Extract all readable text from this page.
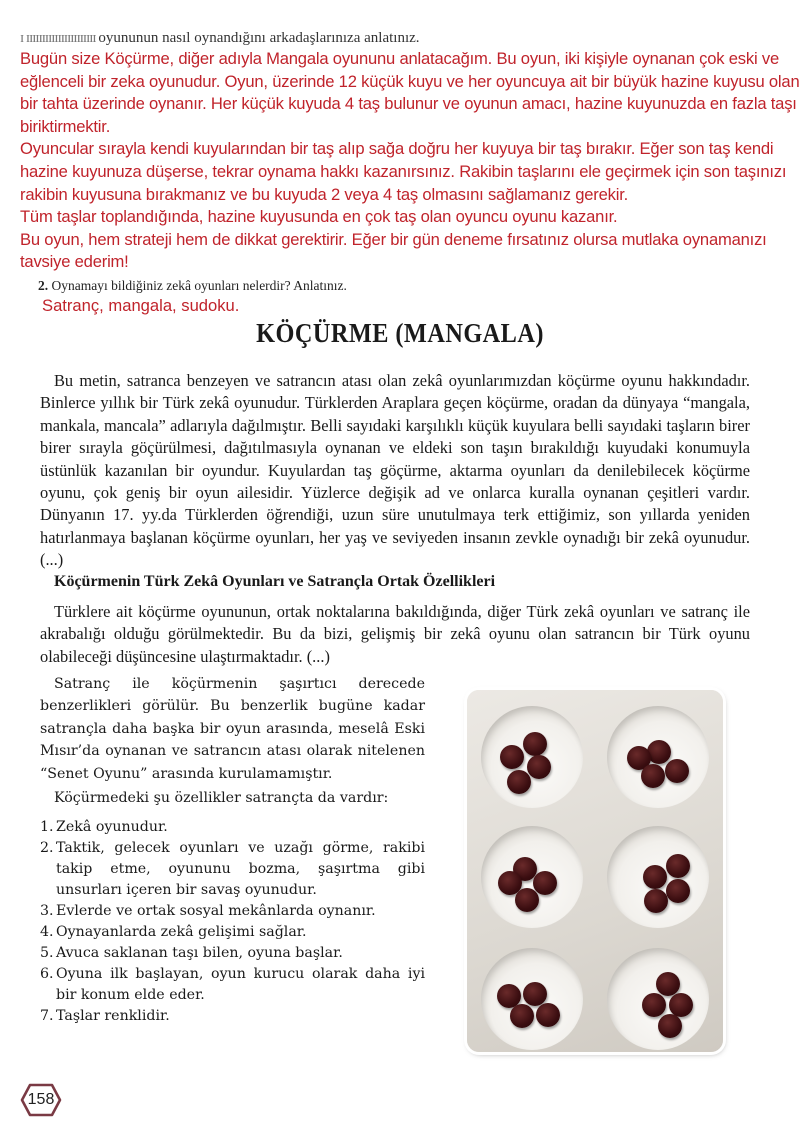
ɪ ɪɪɪɪɪɪɪɪɪɪɪɪɪɪɪɪɪɪɪɪɪɪ oyununun nasıl oynandığını arkadaşlarınıza anlatınız.

Bugün size Köçürme, diğer adıyla Mangala oyununu anlatacağım. Bu oyun, iki kişiyle oynanan çok eski ve eğlenceli bir zeka oyunudur. Oyun, üzerinde 12 küçük kuyu ve her oyuncuya ait bir büyük hazine kuyusu olan bir tahta üzerinde oynanır. Her küçük kuyuda 4 taş bulunur ve oyunun amacı, hazine kuyunuzda en fazla taşı biriktirmektir.

Oyuncular sırayla kendi kuyularından bir taş alıp sağa doğru her kuyuya bir taş bırakır. Eğer son taş kendi hazine kuyunuza düşerse, tekrar oynama hakkı kazanırsınız. Rakibin taşlarını ele geçirmek için son taşınızı rakibin kuyusuna bırakmanız ve bu kuyuda 2 veya 4 taş olmasını sağlamanız gerekir.

Tüm taşlar toplandığında, hazine kuyusunda en çok taş olan oyuncu oyunu kazanır.

Bu oyun, hem strateji hem de dikkat gerektirir. Eğer bir gün deneme fırsatınız olursa mutlaka oynamanızı tavsiye ederim!

2. Oynamayı bildiğiniz zekâ oyunları nelerdir? Anlatınız.
Satranç, mangala, sudoku.
KÖÇÜRME (MANGALA)

Bu metin, satranca benzeyen ve satrancın atası olan zekâ oyunlarımızdan köçürme oyunu hakkındadır. Binlerce yıllık bir Türk zekâ oyunudur. Türklerden Araplara geçen köçürme, oradan da dünyaya “mangala, mankala, mancala” adlarıyla dağılmıştır. Belli sayıdaki karşılıklı küçük kuyulara belli sayıdaki taşların birer birer sırayla göçürülmesi, dağıtılmasıyla oynanan ve eldeki son taşın bırakıldığı kuyudaki konumuyla üstünlük kazanılan bir oyundur. Kuyulardan taş göçürme, aktarma oyunları da denilebilecek köçürme oyunu, çok geniş bir oyun ailesidir. Yüzlerce değişik ad ve onlarca kuralla oynanan çeşitleri vardır. Dünyanın 17. yy.da Türklerden öğrendiği, uzun süre unutulmaya terk ettiğimiz, son yıllarda yeniden hatırlanmaya başlanan köçürme oyunları, her yaş ve seviyeden insanın zevkle oynadığı bir zekâ oyunudur. (...)

Köçürmenin Türk Zekâ Oyunları ve Satrançla Ortak Özellikleri

Türklere ait köçürme oyununun, ortak noktalarına bakıldığında, diğer Türk zekâ oyunları ve satranç ile akrabalığı olduğu görülmektedir. Bu da bizi, gelişmiş bir zekâ oyunu olan satrancın bir Türk oyunu olabileceği düşüncesine ulaştırmaktadır. (...)

Satranç ile köçürmenin şaşırtıcı derecede benzerlikleri görülür. Bu benzerlik bugüne kadar satrançla daha başka bir oyun arasında, meselâ Eski Mısır’da oynanan ve satrancın atası olarak nitelenen “Senet Oyunu” arasında kurulamamıştır.

Köçürmedeki şu özellikler satrançta da vardır:
1. Zekâ oyunudur.
2. Taktik, gelecek oyunları ve uzağı görme, rakibi takip etme, oyununu bozma, şaşırtma gibi unsurları içeren bir savaş oyunudur.
3. Evlerde ve ortak sosyal mekânlarda oynanır.
4. Oynayanlarda zekâ gelişimi sağlar.
5. Avuca saklanan taşı bilen, oyuna başlar.
6. Oyuna ilk başlayan, oyun kurucu olarak daha iyi bir konum elde eder.
7. Taşlar renklidir.
158
